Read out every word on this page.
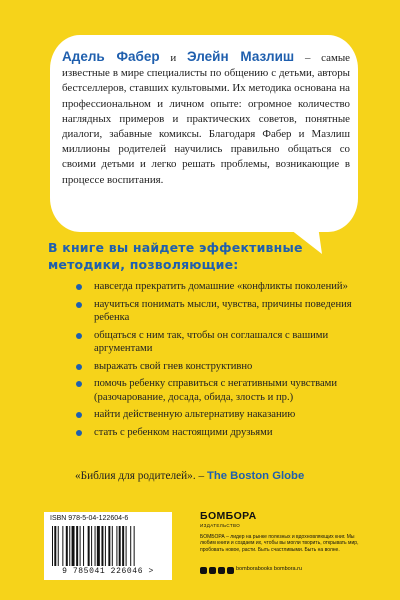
Адель Фабер и Элейн Мазлиш – самые известные в мире специалисты по общению с детьми, авторы бестселлеров, ставших культовыми. Их методика основана на профессиональном и личном опыте: огромное количество наглядных примеров и практических советов, понятные диалоги, забавные комиксы. Благодаря Фабер и Мазлиш миллионы родителей научились правильно общаться со своими детьми и легко решать проблемы, возникающие в процессе воспитания.
В книге вы найдете эффективные
методики, позволяющие:
навсегда прекратить домашние «конфликты поколений»
научиться понимать мысли, чувства, причины поведения ребенка
общаться с ним так, чтобы он соглашался с вашими аргументами
выражать свой гнев конструктивно
помочь ребенку справиться с негативными чувствами (разочарование, досада, обида, злость и пр.)
найти действенную альтернативу наказанию
стать с ребенком настоящими друзьями
«Библия для родителей». – The Boston Globe
ISBN 978-5-04-122604-6
9 785041 226046 >
БОМБОРА
ИЗДАТЕЛЬСТВО
БОМБОРА – лидер на рынке полезных и вдохновляющих книг. Мы любим книги и создаем их, чтобы вы могли творить, открывать мир, пробовать новое, расти. Быть счастливыми. Быть на волне.
bomborabooks bombora.ru
